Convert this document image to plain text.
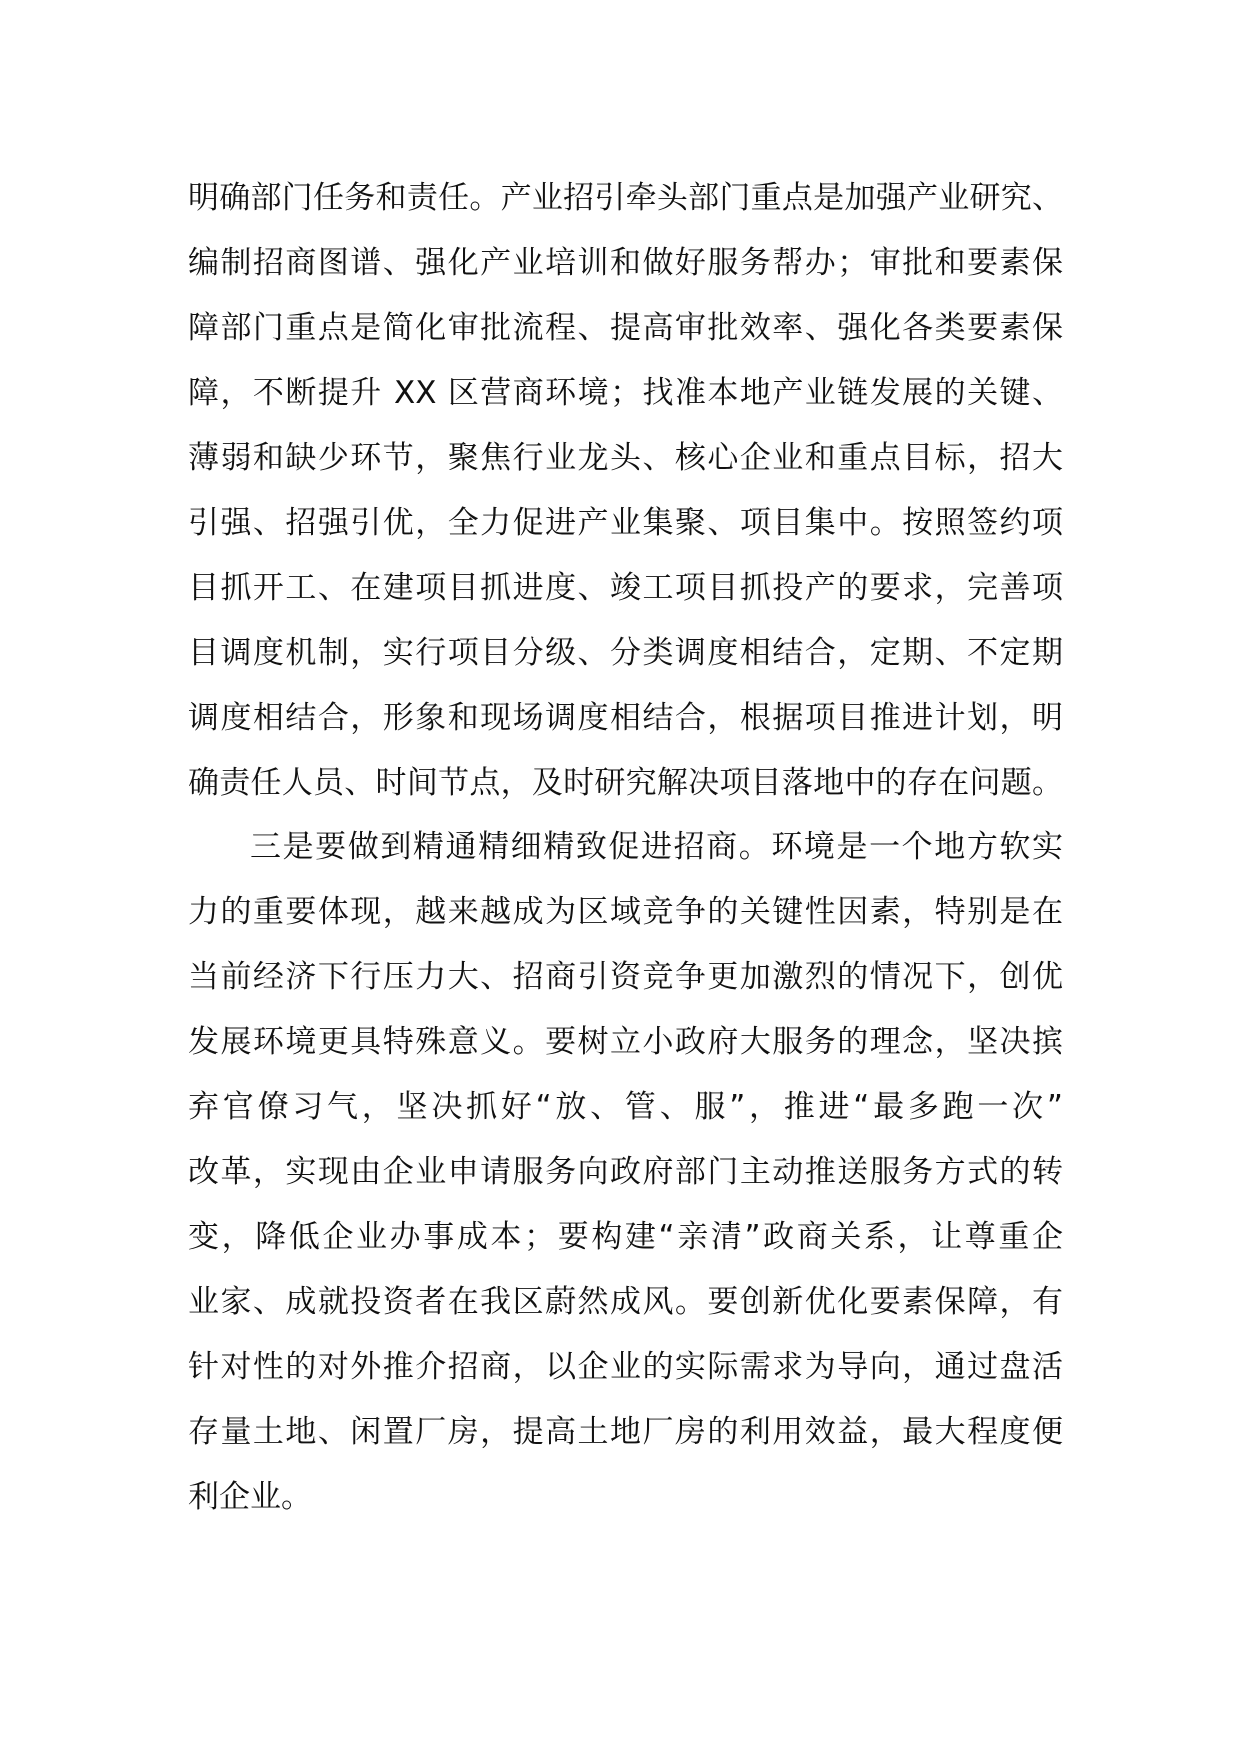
明确部门任务和责任。产业招引牵头部门重点是加强产业研究、
编制招商图谱、强化产业培训和做好服务帮办；审批和要素保
障部门重点是简化审批流程、提高审批效率、强化各类要素保
障，不断提升 XX 区营商环境；找准本地产业链发展的关键、
薄弱和缺少环节，聚焦行业龙头、核心企业和重点目标，招大
引强、招强引优，全力促进产业集聚、项目集中。按照签约项
目抓开工、在建项目抓进度、竣工项目抓投产的要求，完善项
目调度机制，实行项目分级、分类调度相结合，定期、不定期
调度相结合，形象和现场调度相结合，根据项目推进计划，明
确责任人员、时间节点，及时研究解决项目落地中的存在问题。
三是要做到精通精细精致促进招商。环境是一个地方软实
力的重要体现，越来越成为区域竞争的关键性因素，特别是在
当前经济下行压力大、招商引资竞争更加激烈的情况下，创优
发展环境更具特殊意义。要树立小政府大服务的理念，坚决摈
弃官僚习气，坚决抓好“放、管、服”，推进“最多跑一次”
改革，实现由企业申请服务向政府部门主动推送服务方式的转
变，降低企业办事成本；要构建“亲清”政商关系，让尊重企
业家、成就投资者在我区蔚然成风。要创新优化要素保障，有
针对性的对外推介招商，以企业的实际需求为导向，通过盘活
存量土地、闲置厂房，提高土地厂房的利用效益，最大程度便
利企业。
